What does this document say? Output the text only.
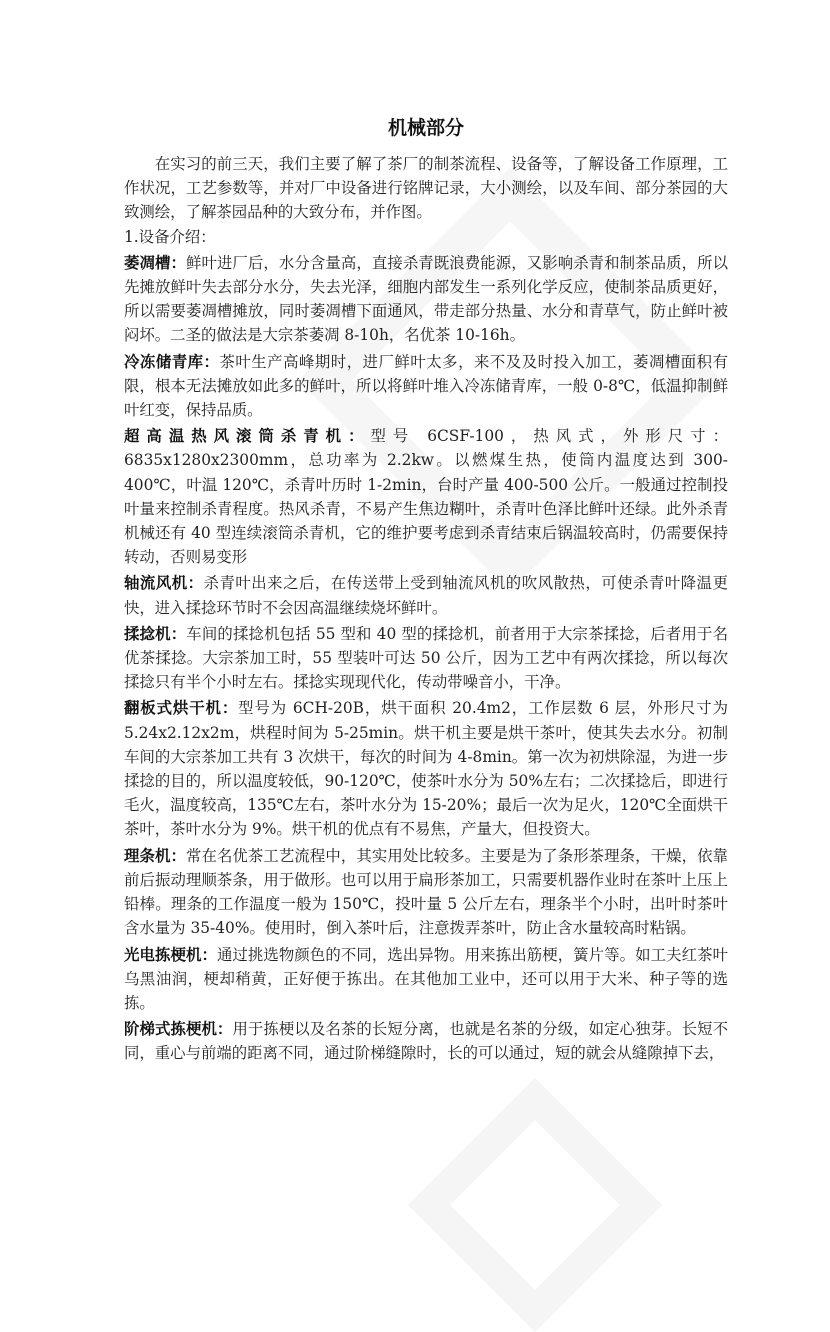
机械部分

在实习的前三天，我们主要了解了茶厂的制茶流程、设备等，了解设备工作原理，工作状况，工艺参数等，并对厂中设备进行铭牌记录，大小测绘，以及车间、部分茶园的大致测绘，了解茶园品种的大致分布，并作图。

1.设备介绍：

萎凋槽：鲜叶进厂后，水分含量高，直接杀青既浪费能源，又影响杀青和制茶品质，所以先摊放鲜叶失去部分水分，失去光泽，细胞内部发生一系列化学反应，使制茶品质更好，所以需要萎凋槽摊放，同时萎凋槽下面通风，带走部分热量、水分和青草气，防止鲜叶被闷坏。二圣的做法是大宗茶萎凋 8-10h，名优茶 10-16h。

冷冻储青库：茶叶生产高峰期时，进厂鲜叶太多，来不及及时投入加工，萎凋槽面积有限，根本无法摊放如此多的鲜叶，所以将鲜叶堆入冷冻储青库，一般 0-8℃，低温抑制鲜叶红变，保持品质。

超高温热风滚筒杀青机：型号 6CSF-100，热风式，外形尺寸：6835x1280x2300mm，总功率为 2.2kw。以燃煤生热，使筒内温度达到 300-400℃，叶温 120℃，杀青叶历时 1-2min，台时产量 400-500 公斤。一般通过控制投叶量来控制杀青程度。热风杀青，不易产生焦边糊叶，杀青叶色泽比鲜叶还绿。此外杀青机械还有 40 型连续滚筒杀青机，它的维护要考虑到杀青结束后锅温较高时，仍需要保持转动，否则易变形

轴流风机：杀青叶出来之后，在传送带上受到轴流风机的吹风散热，可使杀青叶降温更快，进入揉捻环节时不会因高温继续烧坏鲜叶。

揉捻机：车间的揉捻机包括 55 型和 40 型的揉捻机，前者用于大宗茶揉捻，后者用于名优茶揉捻。大宗茶加工时，55 型装叶可达 50 公斤，因为工艺中有两次揉捻，所以每次揉捻只有半个小时左右。揉捻实现现代化，传动带噪音小，干净。

翻板式烘干机：型号为 6CH-20B，烘干面积 20.4m2，工作层数 6 层，外形尺寸为 5.24x2.12x2m，烘程时间为 5-25min。烘干机主要是烘干茶叶，使其失去水分。初制车间的大宗茶加工共有 3 次烘干，每次的时间为 4-8min。第一次为初烘除湿，为进一步揉捻的目的，所以温度较低，90-120℃，使茶叶水分为 50%左右；二次揉捻后，即进行毛火，温度较高，135℃左右，茶叶水分为 15-20%；最后一次为足火，120℃全面烘干茶叶，茶叶水分为 9%。烘干机的优点有不易焦，产量大，但投资大。

理条机：常在名优茶工艺流程中，其实用处比较多。主要是为了条形茶理条，干燥，依靠前后振动理顺茶条，用于做形。也可以用于扁形茶加工，只需要机器作业时在茶叶上压上铅棒。理条的工作温度一般为 150℃，投叶量 5 公斤左右，理条半个小时，出叶时茶叶含水量为 35-40%。使用时，倒入茶叶后，注意拨弄茶叶，防止含水量较高时粘锅。

光电拣梗机：通过挑选物颜色的不同，选出异物。用来拣出筋梗，簧片等。如工夫红茶叶乌黑油润，梗却稍黄，正好便于拣出。在其他加工业中，还可以用于大米、种子等的选拣。

阶梯式拣梗机：用于拣梗以及名茶的长短分离，也就是名茶的分级，如定心独芽。长短不同，重心与前端的距离不同，通过阶梯缝隙时，长的可以通过，短的就会从缝隙掉下去，
